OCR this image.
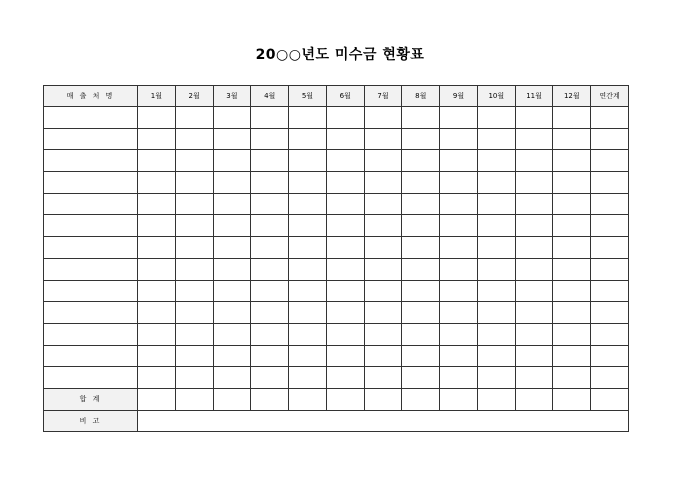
20○○년도 미수금 현황표
매 출 처 명	1월	2월	3월	4월	5월	6월	7월	8월	9월	10월	11월	12월	연간계

합 계													
비 고													
